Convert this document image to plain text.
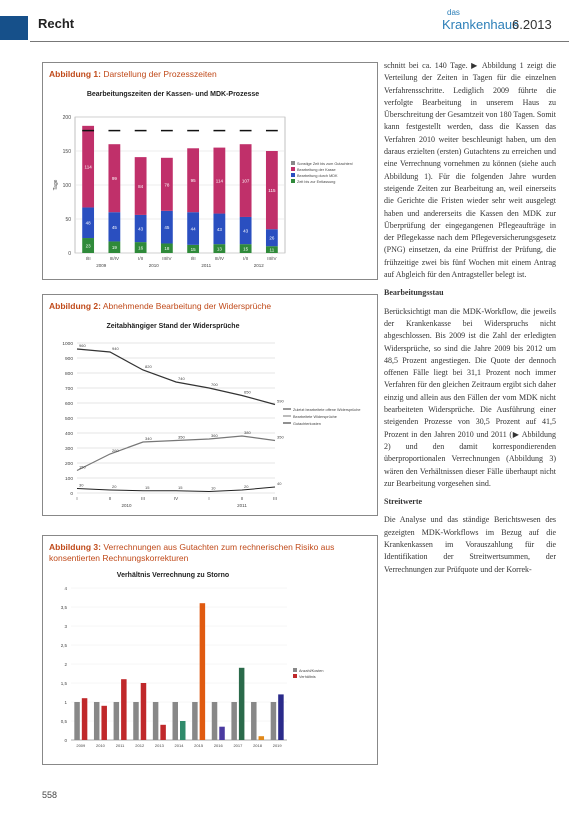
Recht
das
Krankenhaus
6.2013
Abbildung 1: Darstellung der Prozesszeiten
Bearbeitungszeiten der Kassen- und MDK-Prozesse
0
50
100
150
200
Tage
23
48
114
I/II
19
45
99
III/IV
16
43
84
I/II
18
45
78
III/IV
15
44
95
I/II
13
43
114
III/IV
15
43
107
I/II
11
26
115
III/IV
2009	2010	2011	2012
Sonstige Zeit bis zum Gutachten/
Bearbeitung der Kasse
Bearbeitung durch MDK
Zeit bis zur Entlassung
Abbildung 2: Abnehmende Bearbeitung der Widersprüche
Zeitabhängiger Stand der Widersprüche
0
100
200
300
400
500
600
700
800
900
1000 960
940
820
740
700
650
590
150
260
340	350	360
380
350
30	20	15	15	10	20
40
I	II	III	IV	I	II	III
2010	2011
Zuletzt bearbeitete offene Widersprüche
Bearbeitete Widersprüche
Gutachterkosten
Abbildung 3: Verrechnungen aus Gutachten zum rechnerischen Risiko aus konsentierten Rechnungskorrekturen
Verhältnis Verrechnung zu Storno
0
0,5
1
1,5
2
2,5
3
3,5
4
2009	2010	2011	2012	2013	2014	2015	2016	2017	2018	2019
Anzahl/Kosten
Verhältnis

schnitt bei ca. 140 Tage. ▶ Abbildung 1 zeigt die Verteilung der Zeiten in Tagen für die einzelnen Verfahrensschritte. Lediglich 2009 führte die verfolgte Bearbeitung in unserem Haus zu Überschreitung der Gesamtzeit von 180 Tagen. Somit kann festgestellt werden, dass die Kassen das Verfahren 2010 weiter beschleunigt haben, um den daraus erzielten (ersten) Gutachtens zu erreichen und eine Verrechnung vornehmen zu können (siehe auch Abbildung 1). Für die folgenden Jahre wurden steigende Zeiten zur Bearbeitung an, weil einerseits die Gerichte die Fristen wieder sehr weit ausgelegt haben und andererseits die Kassen den MDK zur Überprüfung der eingegangenen Pflegeaufträge in der Pflegekasse nach dem Pflegeversicherungsgesetz (PNG) einsetzen, da eine Prüffrist der Prüfung, die frühzeitige zwei bis fünf Wochen mit einem Antrag auf Abgleich für den Antragsteller belegt ist.

Bearbeitungsstau

Berücksichtigt man die MDK-Workflow, die jeweils der Krankenkasse bei Widerspruchs nicht abgeschlossen. Bis 2009 ist die Zahl der erledigten Widersprüche, so sind die Jahre 2009 bis 2012 um 48,5 Prozent angestiegen. Die Quote der dennoch offenen Fälle liegt bei 31,1 Prozent noch immer Verfahren für den gleichen Zeitraum ergibt sich daher einzig und allein aus den Fällen der vom MDK nicht bearbeiteten Widersprüche. Die Ausführung einer steigenden Prozesse von 30,5 Prozent auf 41,5 Prozent in den Jahren 2010 und 2011 (▶ Abbildung 2) und den damit korrespondierenden überproportionalen Verrechnungen (Abbildung 3) wären den Verhältnissen dieser Fälle überhaupt nicht zur Bearbeitung vorgesehen sind.

Streitwerte

Die Analyse und das ständige Berichtswesen des gezeigten MDK-Workflows im Bezug auf die Krankenkassen im Vorauszahlung für die Identifikation der Streitwertsummen, der Verrechnungen zur Prüfquote und der Korrek-

558
